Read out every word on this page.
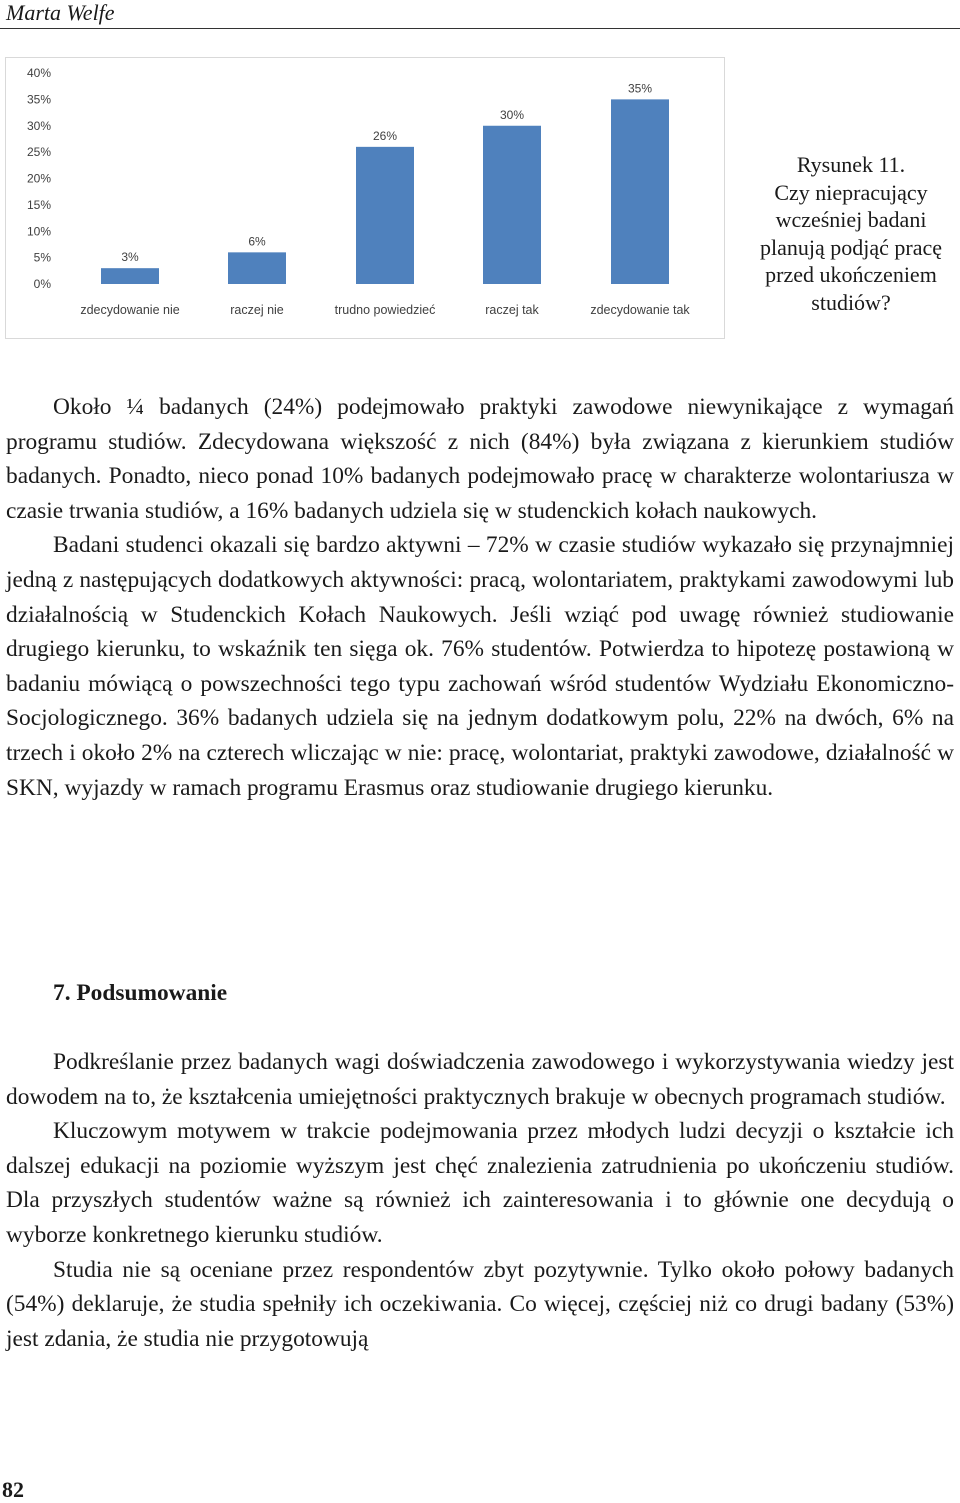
Marta Welfe
0%
5%
10%
15%
20%
25%
30%
35%
40%
3%
6%
26%
30%
35%
zdecydowanie nie	raczej nie	trudno powiedzieć	raczej tak	zdecydowanie tak
Rysunek 11.
Czy niepracujący
wcześniej badani
planują podjąć pracę
przed ukończeniem
studiów?

Około ¼ badanych (24%) podejmowało praktyki zawodowe niewynikające z wymagań programu studiów. Zdecydowana większość z nich (84%) była związana z kierunkiem studiów badanych. Ponadto, nieco ponad 10% badanych podejmowało pracę w charakterze wolontariusza w czasie trwania studiów, a 16% badanych udziela się w studenckich kołach naukowych.

Badani studenci okazali się bardzo aktywni – 72% w czasie studiów wykazało się przynajmniej jedną z następujących dodatkowych aktywności: pracą, wolontariatem, praktykami zawodowymi lub działalnością w Studenckich Kołach Naukowych. Jeśli wziąć pod uwagę również studiowanie drugiego kierunku, to wskaźnik ten sięga ok. 76% studentów. Potwierdza to hipotezę postawioną w badaniu mówiącą o powszechności tego typu zachowań wśród studentów Wydziału Ekonomiczno-Socjologicznego. 36% badanych udziela się na jednym dodatkowym polu, 22% na dwóch, 6% na trzech i około 2% na czterech wliczając w nie: pracę, wolontariat, praktyki zawodowe, działalność w SKN, wyjazdy w ramach programu Erasmus oraz studiowanie drugiego kierunku.

7. Podsumowanie

Podkreślanie przez badanych wagi doświadczenia zawodowego i wykorzystywania wiedzy jest dowodem na to, że kształcenia umiejętności praktycznych brakuje w obecnych programach studiów.

Kluczowym motywem w trakcie podejmowania przez młodych ludzi decyzji o kształcie ich dalszej edukacji na poziomie wyższym jest chęć znalezienia zatrudnienia po ukończeniu studiów. Dla przyszłych studentów ważne są również ich zainteresowania i to głównie one decydują o wyborze konkretnego kierunku studiów.

Studia nie są oceniane przez respondentów zbyt pozytywnie. Tylko około połowy badanych (54%) deklaruje, że studia spełniły ich oczekiwania. Co więcej, częściej niż co drugi badany (53%) jest zdania, że studia nie przygotowują

82
